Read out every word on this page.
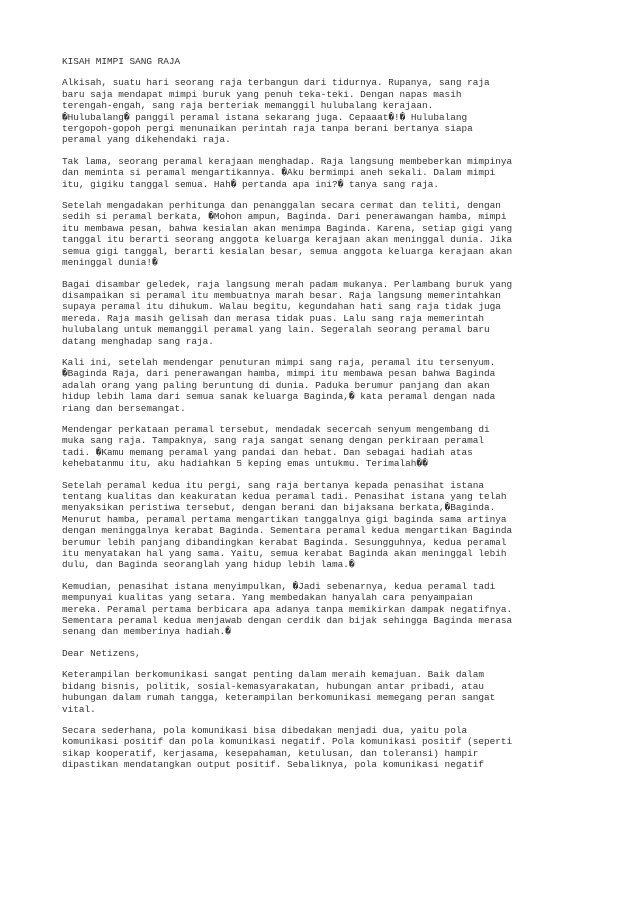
KISAH MIMPI SANG RAJA
Alkisah, suatu hari seorang raja terbangun dari tidurnya. Rupanya, sang raja
baru saja mendapat mimpi buruk yang penuh teka-teki. Dengan napas masih
terengah-engah, sang raja berteriak memanggil hulubalang kerajaan.
�Hulubalang� panggil peramal istana sekarang juga. Cepaaat�!� Hulubalang
tergopoh-gopoh pergi menunaikan perintah raja tanpa berani bertanya siapa
peramal yang dikehendaki raja.
Tak lama, seorang peramal kerajaan menghadap. Raja langsung membeberkan mimpinya
dan meminta si peramal mengartikannya. �Aku bermimpi aneh sekali. Dalam mimpi
itu, gigiku tanggal semua. Hah� pertanda apa ini?� tanya sang raja.
Setelah mengadakan perhitunga dan penanggalan secara cermat dan teliti, dengan
sedih si peramal berkata, �Mohon ampun, Baginda. Dari penerawangan hamba, mimpi
itu membawa pesan, bahwa kesialan akan menimpa Baginda. Karena, setiap gigi yang
tanggal itu berarti seorang anggota keluarga kerajaan akan meninggal dunia. Jika
semua gigi tanggal, berarti kesialan besar, semua anggota keluarga kerajaan akan
meninggal dunia!�
Bagai disambar geledek, raja langsung merah padam mukanya. Perlambang buruk yang
disampaikan si peramal itu membuatnya marah besar. Raja langsung memerintahkan
supaya peramal itu dihukum. Walau begitu, kegundahan hati sang raja tidak juga
mereda. Raja masih gelisah dan merasa tidak puas. Lalu sang raja memerintah
hulubalang untuk memanggil peramal yang lain. Segeralah seorang peramal baru
datang menghadap sang raja.
Kali ini, setelah mendengar penuturan mimpi sang raja, peramal itu tersenyum.
�Baginda Raja, dari penerawangan hamba, mimpi itu membawa pesan bahwa Baginda
adalah orang yang paling beruntung di dunia. Paduka berumur panjang dan akan
hidup lebih lama dari semua sanak keluarga Baginda,� kata peramal dengan nada
riang dan bersemangat.
Mendengar perkataan peramal tersebut, mendadak secercah senyum mengembang di
muka sang raja. Tampaknya, sang raja sangat senang dengan perkiraan peramal
tadi. �Kamu memang peramal yang pandai dan hebat. Dan sebagai hadiah atas
kehebatanmu itu, aku hadiahkan 5 keping emas untukmu. Terimalah��
Setelah peramal kedua itu pergi, sang raja bertanya kepada penasihat istana
tentang kualitas dan keakuratan kedua peramal tadi. Penasihat istana yang telah
menyaksikan peristiwa tersebut, dengan berani dan bijaksana berkata,�Baginda.
Menurut hamba, peramal pertama mengartikan tanggalnya gigi baginda sama artinya
dengan meninggalnya kerabat Baginda. Sementara peramal kedua mengartikan Baginda
berumur lebih panjang dibandingkan kerabat Baginda. Sesungguhnya, kedua peramal
itu menyatakan hal yang sama. Yaitu, semua kerabat Baginda akan meninggal lebih
dulu, dan Baginda seoranglah yang hidup lebih lama.�
Kemudian, penasihat istana menyimpulkan, �Jadi sebenarnya, kedua peramal tadi
mempunyai kualitas yang setara. Yang membedakan hanyalah cara penyampaian
mereka. Peramal pertama berbicara apa adanya tanpa memikirkan dampak negatifnya.
Sementara peramal kedua menjawab dengan cerdik dan bijak sehingga Baginda merasa
senang dan memberinya hadiah.�
Dear Netizens,
Keterampilan berkomunikasi sangat penting dalam meraih kemajuan. Baik dalam
bidang bisnis, politik, sosial-kemasyarakatan, hubungan antar pribadi, atau
hubungan dalam rumah tangga, keterampilan berkomunikasi memegang peran sangat
vital.
Secara sederhana, pola komunikasi bisa dibedakan menjadi dua, yaitu pola
komunikasi positif dan pola komunikasi negatif. Pola komunikasi positif (seperti
sikap kooperatif, kerjasama, kesepahaman, ketulusan, dan toleransi) hampir
dipastikan mendatangkan output positif. Sebaliknya, pola komunikasi negatif
